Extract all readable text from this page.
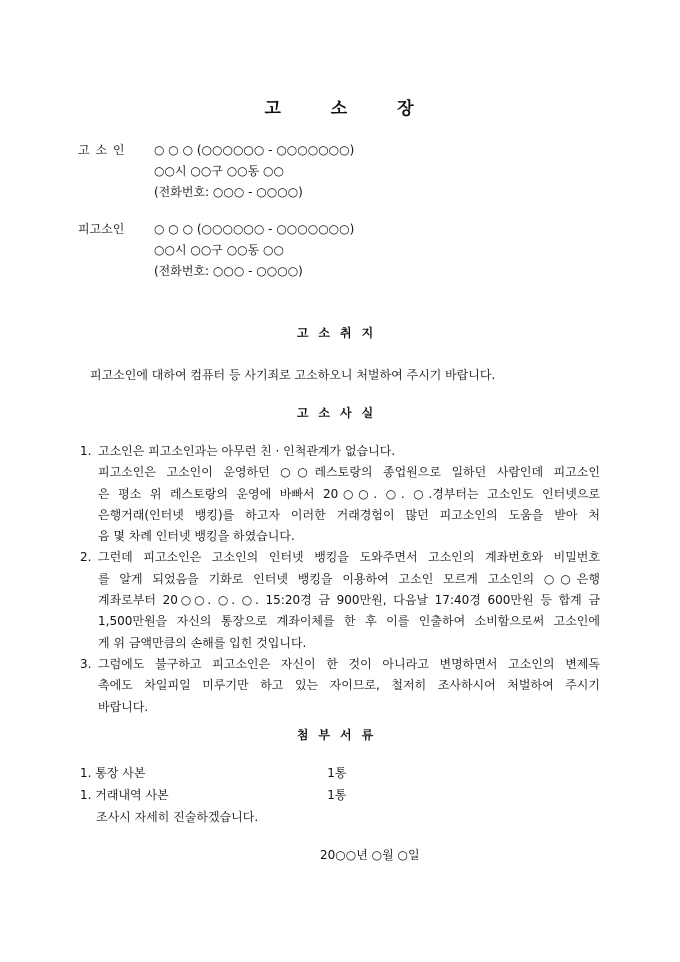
고 소 장
고 소 인 ○ ○ ○ (○○○○○○ - ○○○○○○○)
○○시 ○○구 ○○동 ○○
(전화번호: ○○○ - ○○○○)
피고소인 ○ ○ ○ (○○○○○○ - ○○○○○○○)
○○시 ○○구 ○○동 ○○
(전화번호: ○○○ - ○○○○)
고소취지
피고소인에 대하여 컴퓨터 등 사기죄로 고소하오니 처벌하여 주시기 바랍니다.
고소사실
1. 고소인은 피고소인과는 아무런 친 · 인척관계가 없습니다.
피고소인은 고소인이 운영하던 ○○레스토랑의 종업원으로 일하던 사람인데 피고소인
은 평소 위 레스토랑의 운영에 바빠서 20○○. ○. ○.경부터는 고소인도 인터넷으로
은행거래(인터넷 뱅킹)를 하고자 이러한 거래경험이 많던 피고소인의 도움을 받아 처
음 몇 차례 인터넷 뱅킹을 하였습니다.
2. 그런데 피고소인은 고소인의 인터넷 뱅킹을 도와주면서 고소인의 계좌번호와 비밀번호
를 알게 되었음을 기화로 인터넷 뱅킹을 이용하여 고소인 모르게 고소인의 ○○은행
계좌로부터 20○○. ○. ○. 15:20경 금 900만원, 다음날 17:40경 600만원 등 합계 금
1,500만원을 자신의 통장으로 계좌이체를 한 후 이를 인출하여 소비함으로써 고소인에
게 위 금액만큼의 손해를 입힌 것입니다.
3. 그럼에도 불구하고 피고소인은 자신이 한 것이 아니라고 변명하면서 고소인의 변제독
촉에도 차일피일 미루기만 하고 있는 자이므로, 철저히 조사하시어 처벌하여 주시기
바랍니다.
첨부서류
1. 통장 사본	1통
1. 거래내역 사본	1통
조사시 자세히 진술하겠습니다.
20○○년 ○월 ○일
